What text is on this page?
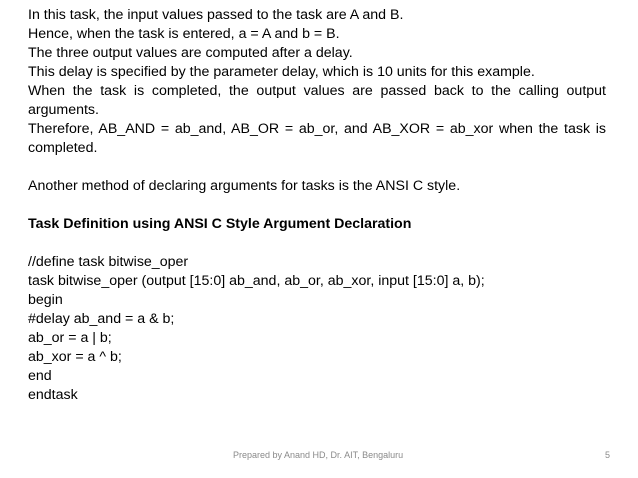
In this task, the input values passed to the task are A and B.

Hence, when the task is entered, a = A and b = B.

The three output values are computed after a delay.

This delay is specified by the parameter delay, which is 10 units for this example.

When the task is completed, the output values are passed back to the calling output arguments.

Therefore, AB_AND = ab_and, AB_OR = ab_or, and AB_XOR = ab_xor when the task is completed.

Another method of declaring arguments for tasks is the ANSI C style.

Task Definition using ANSI C Style Argument Declaration

//define task bitwise_oper

task bitwise_oper (output [15:0] ab_and, ab_or, ab_xor, input [15:0] a, b);

begin

#delay ab_and = a & b;

ab_or = a | b;

ab_xor = a ^ b;

end

endtask

Prepared by Anand HD, Dr. AIT, Bengaluru	5
